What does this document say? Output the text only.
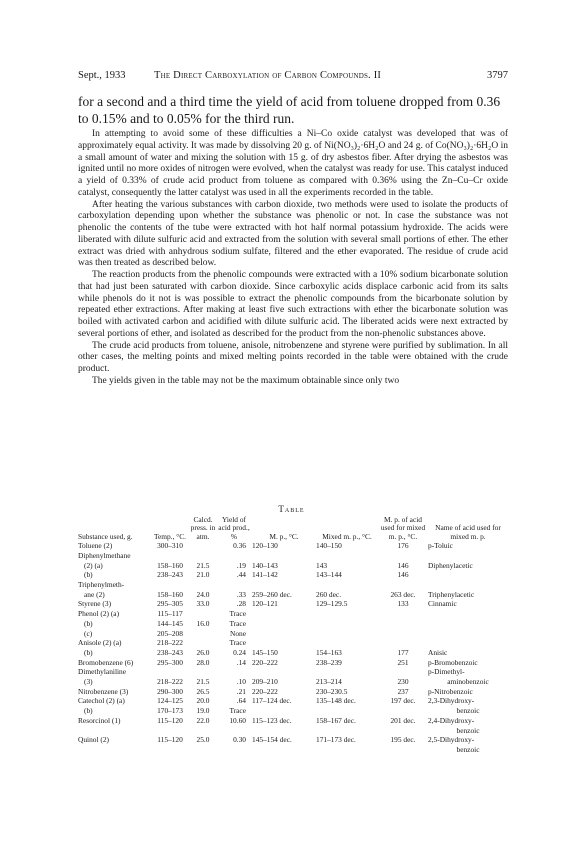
Sept., 1933	The Direct Carboxylation of Carbon Compounds. II	3797
for a second and a third time the yield of acid from toluene dropped from 0.36 to 0.15% and to 0.05% for the third run.

In attempting to avoid some of these difficulties a Ni–Co oxide catalyst was developed that was of approximately equal activity. It was made by dissolving 20 g. of Ni(NO₃)₂·6H₂O and 24 g. of Co(NO₃)₂·6H₂O in a small amount of water and mixing the solution with 15 g. of dry asbestos fiber. After drying the asbestos was ignited until no more oxides of nitrogen were evolved, when the catalyst was ready for use. This catalyst induced a yield of 0.33% of crude acid product from toluene as compared with 0.36% using the Zn–Cu–Cr oxide catalyst, consequently the latter catalyst was used in all the experiments recorded in the table.

After heating the various substances with carbon dioxide, two methods were used to isolate the products of carboxylation depending upon whether the substance was phenolic or not. In case the substance was not phenolic the contents of the tube were extracted with hot half normal potassium hydroxide. The acids were liberated with dilute sulfuric acid and extracted from the solution with several small portions of ether. The ether extract was dried with anhydrous sodium sulfate, filtered and the ether evaporated. The residue of crude acid was then treated as described below.

The reaction products from the phenolic compounds were extracted with a 10% sodium bicarbonate solution that had just been saturated with carbon dioxide. Since carboxylic acids displace carbonic acid from its salts while phenols do it not is was possible to extract the phenolic compounds from the bicarbonate solution by repeated ether extractions. After making at least five such extractions with ether the bicarbonate solution was boiled with activated carbon and acidified with dilute sulfuric acid. The liberated acids were next extracted by several portions of ether, and isolated as described for the product from the non-phenolic substances above.

The crude acid products from toluene, anisole, nitrobenzene and styrene were purified by sublimation. In all other cases, the melting points and mixed melting points recorded in the table were obtained with the crude product.

The yields given in the table may not be the maximum obtainable since only two

Table
Substance used, g.	Temp., °C.	Calcd. press. in atm.	Yield of acid prod., %	M. p., °C.	Mixed m. p., °C.	M. p. of acid used for mixed m. p., °C.	Name of acid used for mixed m. p.
Toluene (2)	300–310		0.36	120–130	140–150	176	p-Toluic
Diphenylmethane							
(2) (a)	158–160	21.5	.19	140–143	143	146	Diphenylacetic
(b)	238–243	21.0	.44	141–142	143–144	146	
Triphenylmeth-							
ane (2)	158–160	24.0	.33	259–260 dec.	260 dec.	263 dec.	Triphenylacetic
Styrene (3)	295–305	33.0	.28	120–121	129–129.5	133	Cinnamic
Phenol (2) (a)	115–117		Trace				
(b)	144–145	16.0	Trace				
(c)	205–208		None				
Anisole (2) (a)	218–222		Trace				
(b)	238–243	26.0	0.24	145–150	154–163	177	Anisic
Bromobenzene (6)	295–300	28.0	.14	220–222	238–239	251	p-Bromobenzoic
Dimethylaniline							p-Dimethyl-
(3)	218–222	21.5	.10	209–210	213–214	230	aminobenzoic
Nitrobenzene (3)	290–300	26.5	.21	220–222	230–230.5	237	p-Nitrobenzoic
Catechol (2) (a)	124–125	20.0	.64	117–124 dec.	135–148 dec.	197 dec.	2,3-Dihydroxy-
(b)	170–173	19.0	Trace				benzoic
Resorcinol (1)	115–120	22.0	10.60	115–123 dec.	158–167 dec.	201 dec.	2,4-Dihydroxy-
							benzoic
Quinol (2)	115–120	25.0	0.30	145–154 dec.	171–173 dec.	195 dec.	2,5-Dihydroxy-
							benzoic
